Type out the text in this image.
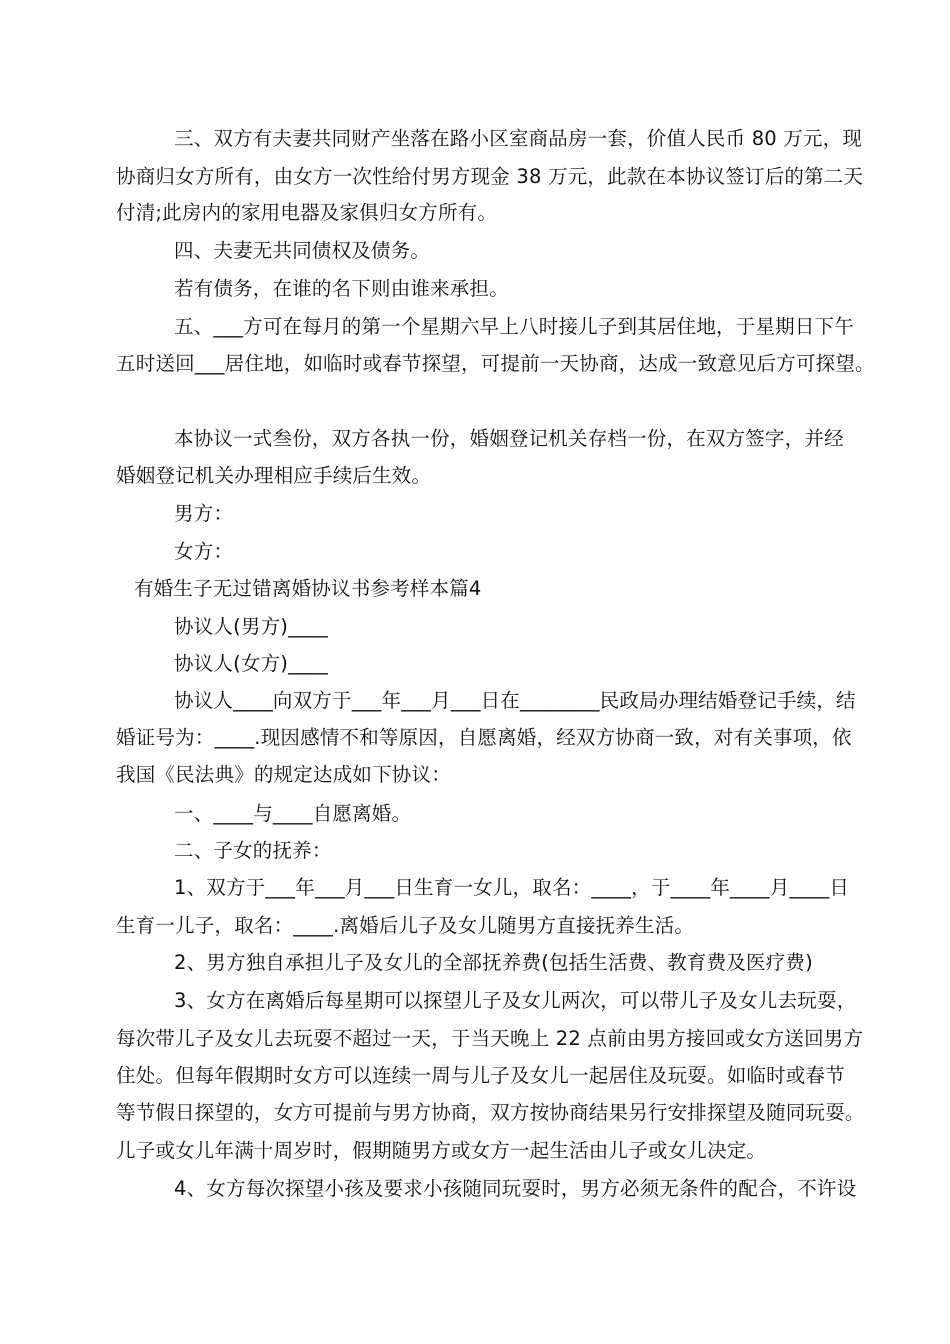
三、双方有夫妻共同财产坐落在路小区室商品房一套，价值人民币 80 万元，现
协商归女方所有，由女方一次性给付男方现金 38 万元，此款在本协议签订后的第二天
付清;此房内的家用电器及家俱归女方所有。
四、夫妻无共同债权及债务。
若有债务，在谁的名下则由谁来承担。
五、___方可在每月的第一个星期六早上八时接儿子到其居住地，于星期日下午
五时送回___居住地，如临时或春节探望，可提前一天协商，达成一致意见后方可探望。
本协议一式叁份，双方各执一份，婚姻登记机关存档一份，在双方签字，并经
婚姻登记机关办理相应手续后生效。
男方：
女方：
有婚生子无过错离婚协议书参考样本篇4
协议人(男方)____
协议人(女方)____
协议人____向双方于___年___月___日在________民政局办理结婚登记手续，结
婚证号为：____.现因感情不和等原因，自愿离婚，经双方协商一致，对有关事项，依
我国《民法典》的规定达成如下协议：
一、____与____自愿离婚。
二、子女的抚养：
1、双方于___年___月___日生育一女儿，取名：____，于____年____月____日
生育一儿子，取名：____.离婚后儿子及女儿随男方直接抚养生活。
2、男方独自承担儿子及女儿的全部抚养费(包括生活费、教育费及医疗费)
3、女方在离婚后每星期可以探望儿子及女儿两次，可以带儿子及女儿去玩耍，
每次带儿子及女儿去玩耍不超过一天，于当天晚上 22 点前由男方接回或女方送回男方
住处。但每年假期时女方可以连续一周与儿子及女儿一起居住及玩耍。如临时或春节
等节假日探望的，女方可提前与男方协商，双方按协商结果另行安排探望及随同玩耍。
儿子或女儿年满十周岁时，假期随男方或女方一起生活由儿子或女儿决定。
4、女方每次探望小孩及要求小孩随同玩耍时，男方必须无条件的配合，不许设
